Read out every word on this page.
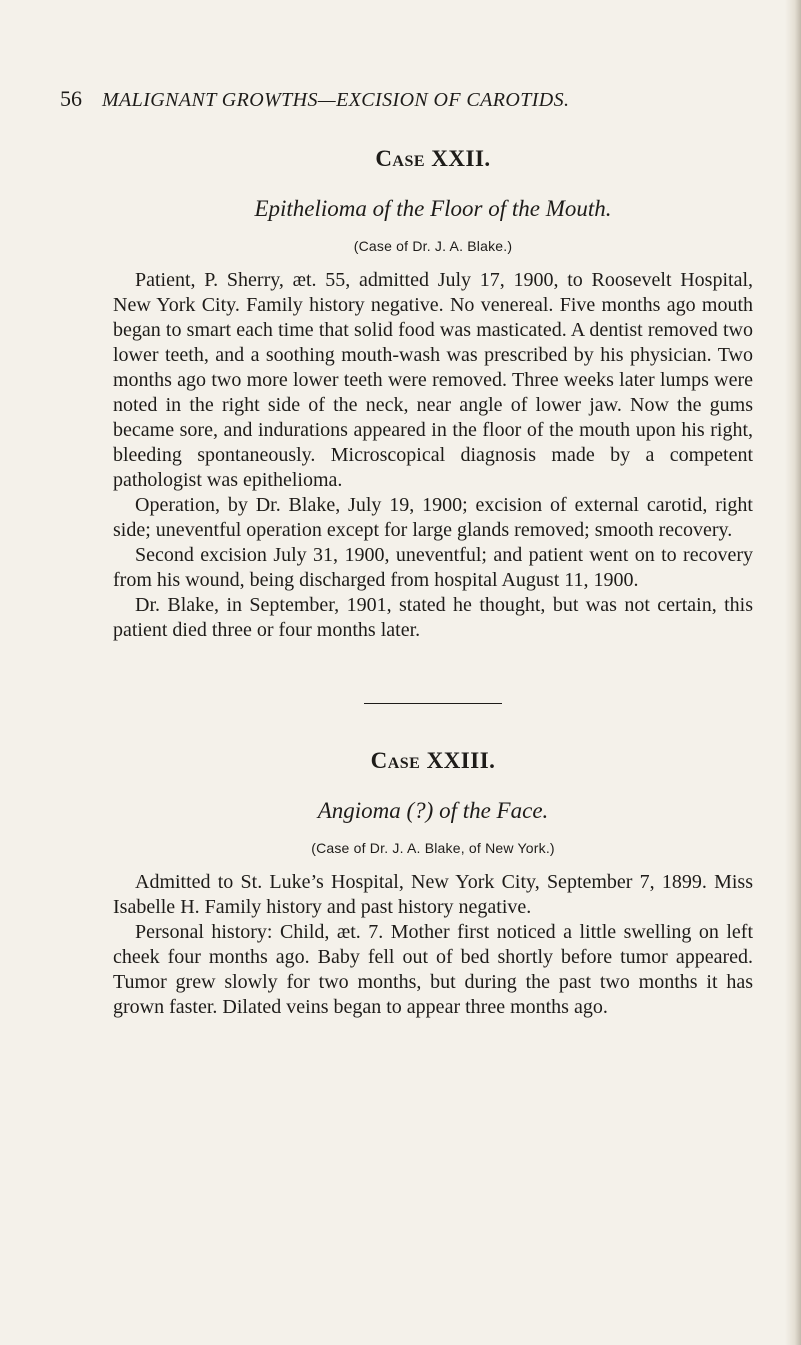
56 MALIGNANT GROWTHS—EXCISION OF CAROTIDS.
Case XXII.

Epithelioma of the Floor of the Mouth.

(Case of Dr. J. A. Blake.)

Patient, P. Sherry, æt. 55, admitted July 17, 1900, to Roosevelt Hospital, New York City. Family history negative. No venereal. Five months ago mouth began to smart each time that solid food was masticated. A dentist removed two lower teeth, and a soothing mouth-wash was prescribed by his physician. Two months ago two more lower teeth were removed. Three weeks later lumps were noted in the right side of the neck, near angle of lower jaw. Now the gums became sore, and indurations appeared in the floor of the mouth upon his right, bleeding spontaneously. Microscopical diagnosis made by a competent pathologist was epithelioma.

Operation, by Dr. Blake, July 19, 1900; excision of external carotid, right side; uneventful operation except for large glands removed; smooth recovery.

Second excision July 31, 1900, uneventful; and patient went on to recovery from his wound, being discharged from hospital August 11, 1900.

Dr. Blake, in September, 1901, stated he thought, but was not certain, this patient died three or four months later.

Case XXIII.

Angioma (?) of the Face.

(Case of Dr. J. A. Blake, of New York.)

Admitted to St. Luke’s Hospital, New York City, September 7, 1899. Miss Isabelle H. Family history and past history negative.

Personal history: Child, æt. 7. Mother first noticed a little swelling on left cheek four months ago. Baby fell out of bed shortly before tumor appeared. Tumor grew slowly for two months, but during the past two months it has grown faster. Dilated veins began to appear three months ago.
